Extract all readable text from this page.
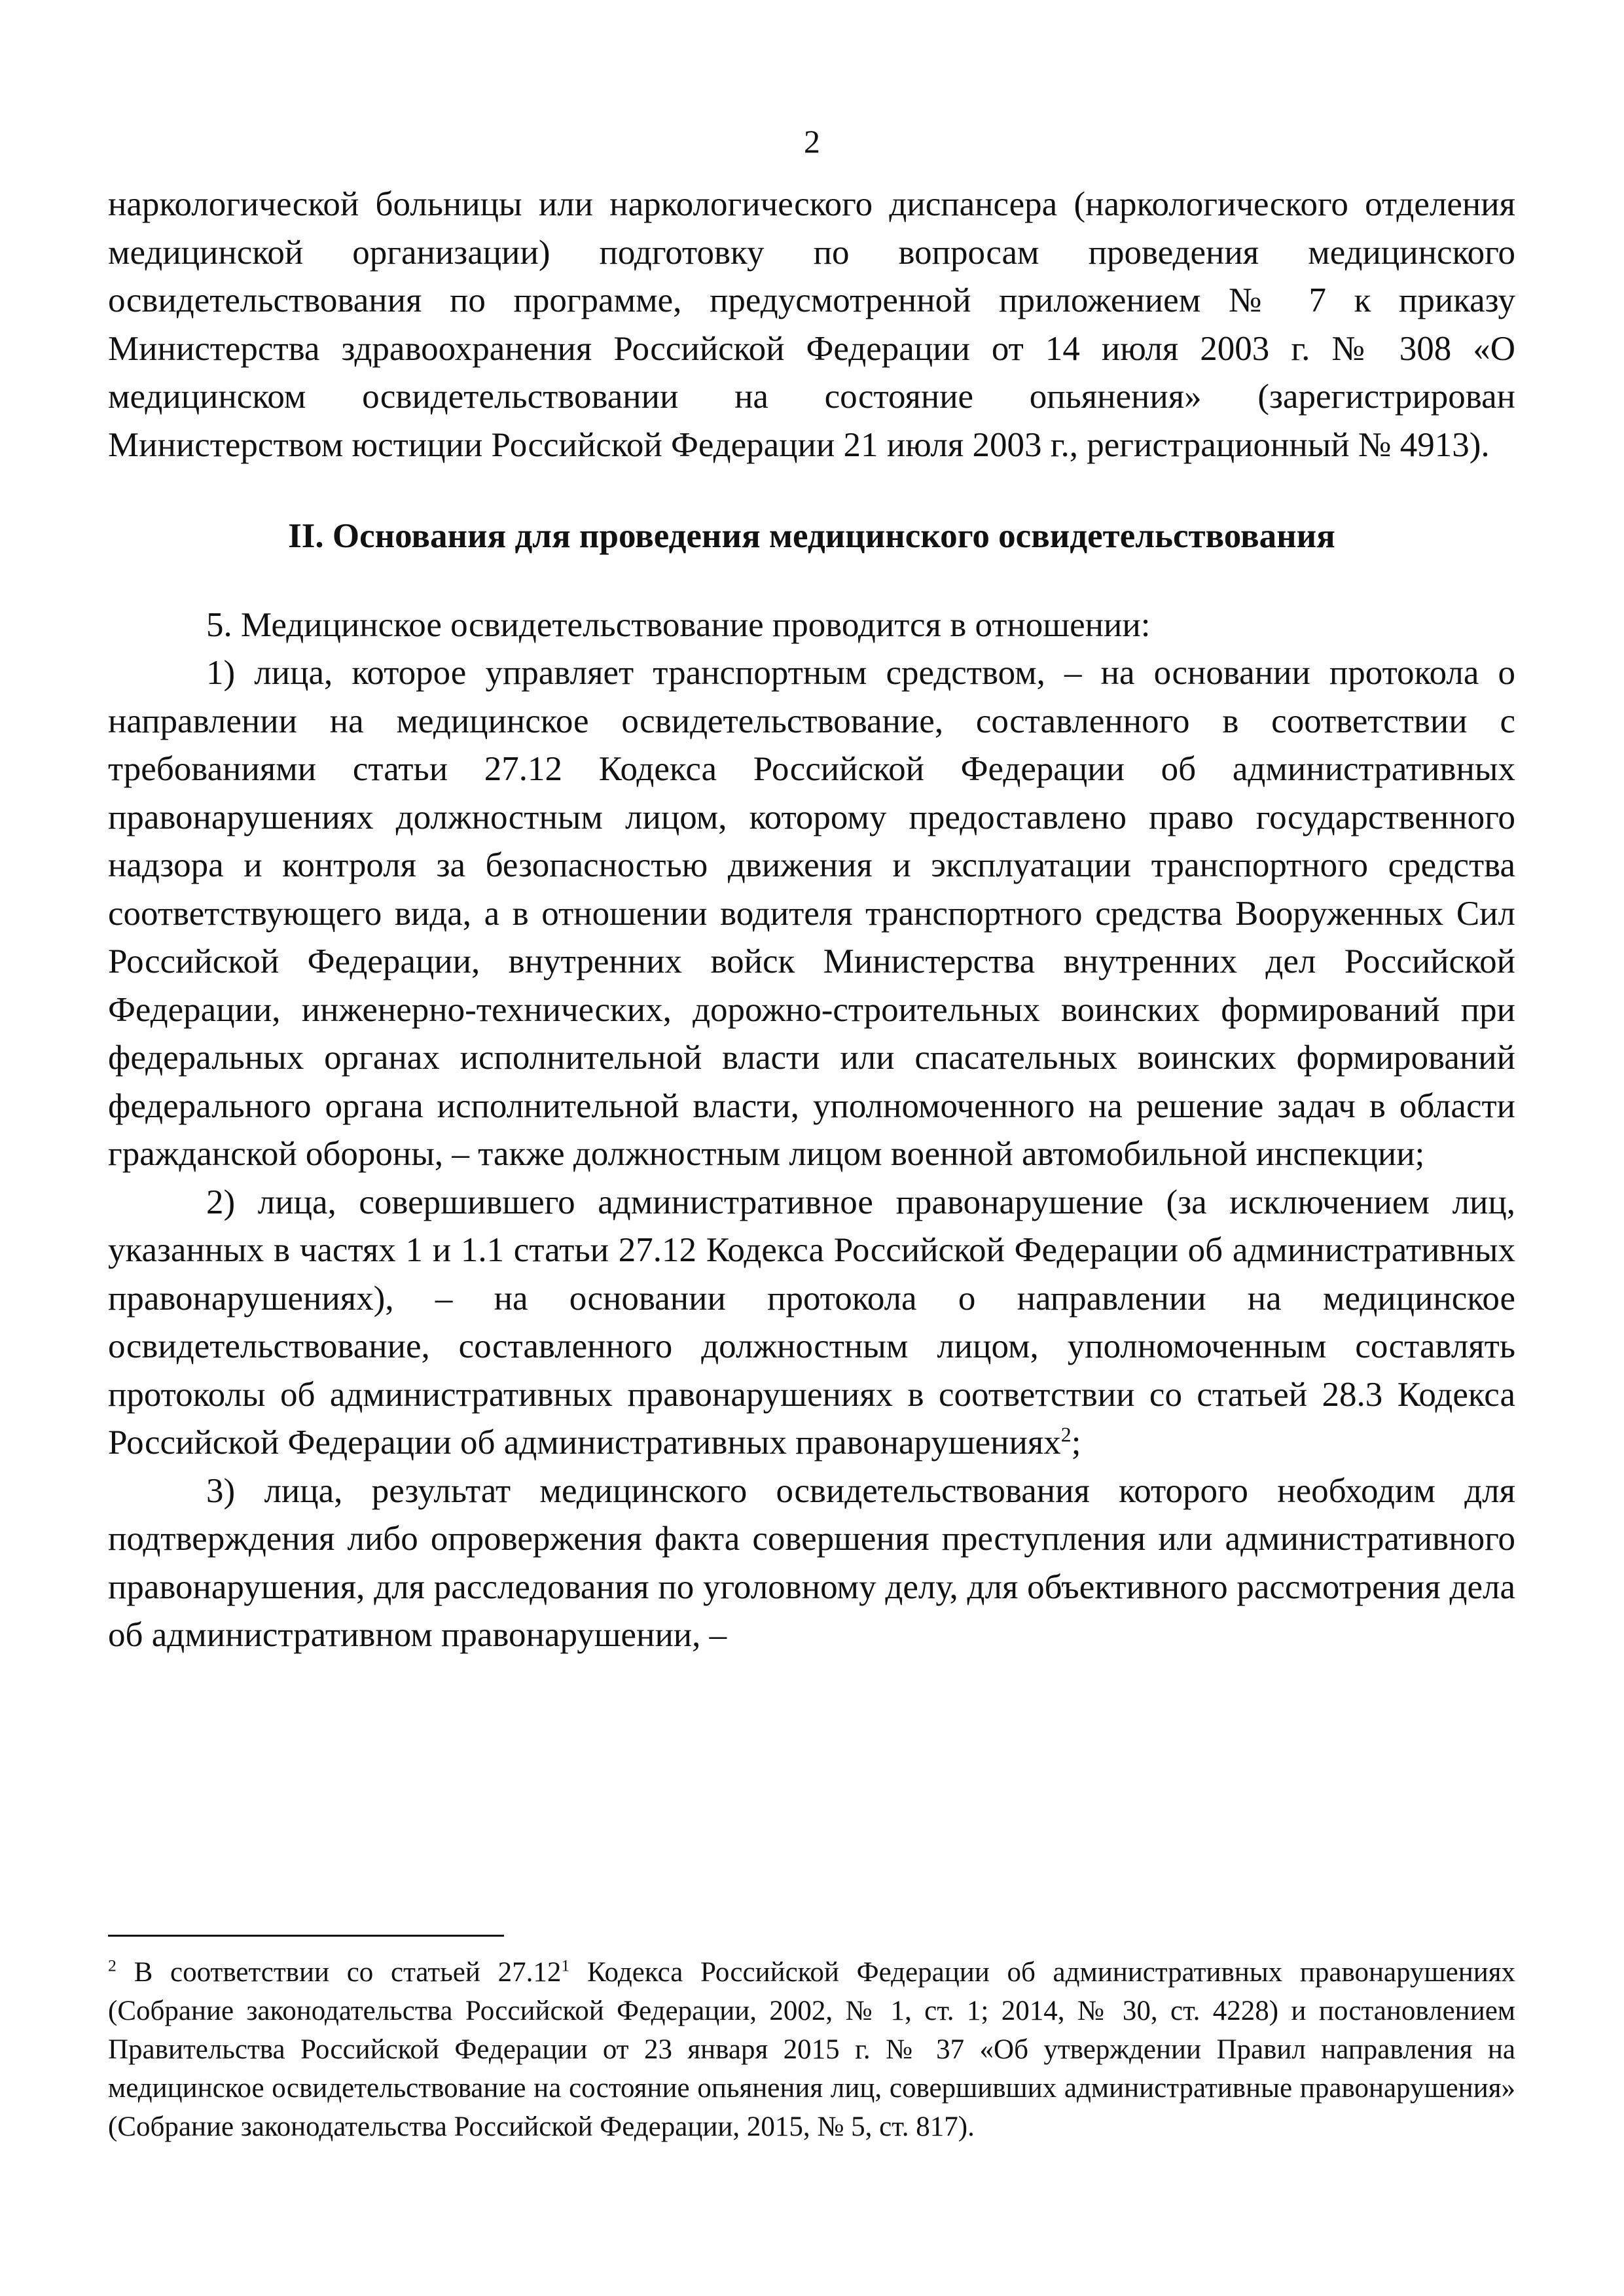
2

наркологической больницы или наркологического диспансера (наркологического отделения медицинской организации) подготовку по вопросам проведения медицинского освидетельствования по программе, предусмотренной приложением № 7 к приказу Министерства здравоохранения Российской Федерации от 14 июля 2003 г. № 308 «О медицинском освидетельствовании на состояние опьянения» (зарегистрирован Министерством юстиции Российской Федерации 21 июля 2003 г., регистрационный № 4913).

II. Основания для проведения медицинского освидетельствования

5. Медицинское освидетельствование проводится в отношении:

1) лица, которое управляет транспортным средством, – на основании протокола о направлении на медицинское освидетельствование, составленного в соответствии с требованиями статьи 27.12 Кодекса Российской Федерации об административных правонарушениях должностным лицом, которому предоставлено право государственного надзора и контроля за безопасностью движения и эксплуатации транспортного средства соответствующего вида, а в отношении водителя транспортного средства Вооруженных Сил Российской Федерации, внутренних войск Министерства внутренних дел Российской Федерации, инженерно-технических, дорожно-строительных воинских формирований при федеральных органах исполнительной власти или спасательных воинских формирований федерального органа исполнительной власти, уполномоченного на решение задач в области гражданской обороны, – также должностным лицом военной автомобильной инспекции;

2) лица, совершившего административное правонарушение (за исключением лиц, указанных в частях 1 и 1.1 статьи 27.12 Кодекса Российской Федерации об административных правонарушениях), – на основании протокола о направлении на медицинское освидетельствование, составленного должностным лицом, уполномоченным составлять протоколы об административных правонарушениях в соответствии со статьей 28.3 Кодекса Российской Федерации об административных правонарушениях$^2$;

3) лица, результат медицинского освидетельствования которого необходим для подтверждения либо опровержения факта совершения преступления или административного правонарушения, для расследования по уголовному делу, для объективного рассмотрения дела об административном правонарушении, –

$^2$ В соответствии со статьей 27.12$^1$ Кодекса Российской Федерации об административных правонарушениях (Собрание законодательства Российской Федерации, 2002, № 1, ст. 1; 2014, № 30, ст. 4228) и постановлением Правительства Российской Федерации от 23 января 2015 г. № 37 «Об утверждении Правил направления на медицинское освидетельствование на состояние опьянения лиц, совершивших административные правонарушения» (Собрание законодательства Российской Федерации, 2015, № 5, ст. 817).
